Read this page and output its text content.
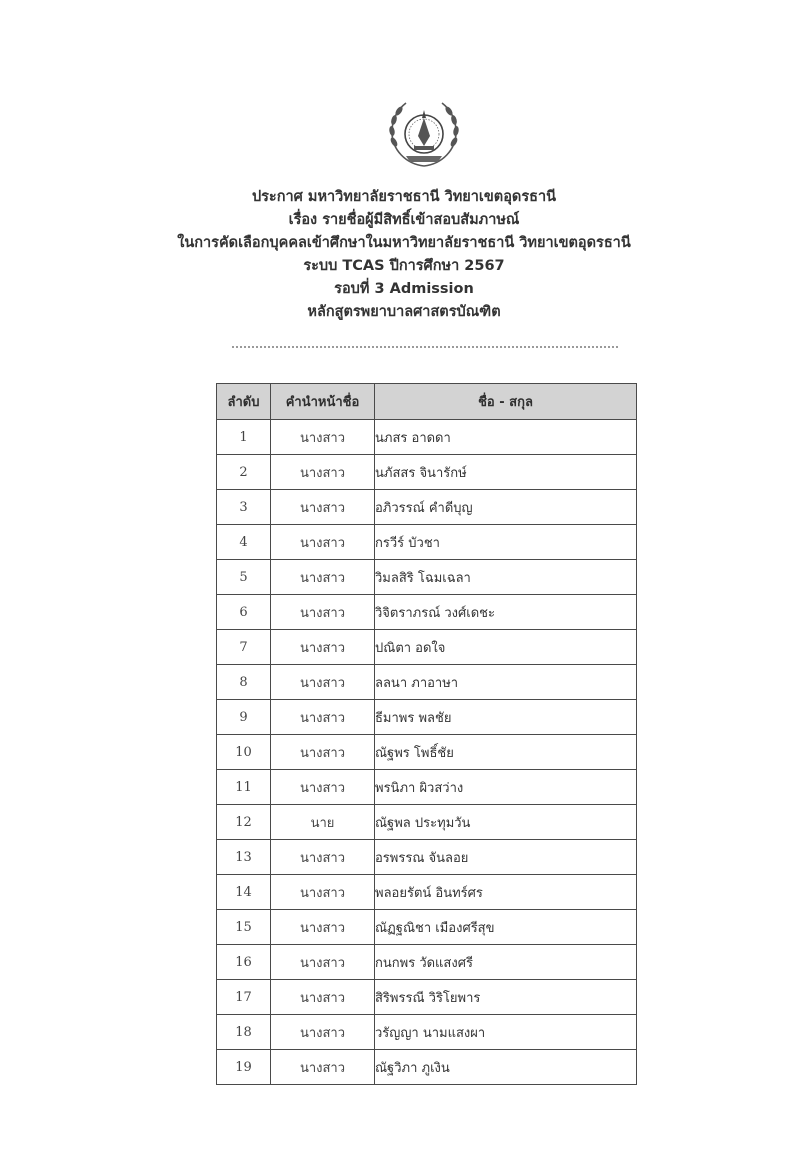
ประกาศ มหาวิทยาลัยราชธานี วิทยาเขตอุดรธานี
เรื่อง รายชื่อผู้มีสิทธิ์เข้าสอบสัมภาษณ์
ในการคัดเลือกบุคคลเข้าศึกษาในมหาวิทยาลัยราชธานี วิทยาเขตอุดรธานี
ระบบ TCAS ปีการศึกษา 2567
รอบที่ 3 Admission
หลักสูตรพยาบาลศาสตรบัณฑิต
ลำดับ	คำนำหน้าชื่อ	ชื่อ - สกุล
1	นางสาว	นภสร อาดดา
2	นางสาว	นภัสสร จินารักษ์
3	นางสาว	อภิวรรณ์ คำดีบุญ
4	นางสาว	กรวีร์ บัวชา
5	นางสาว	วิมลสิริ โฉมเฉลา
6	นางสาว	วิจิตราภรณ์ วงศ์เดชะ
7	นางสาว	ปณิตา อดใจ
8	นางสาว	ลลนา ภาอาษา
9	นางสาว	ธีมาพร พลชัย
10	นางสาว	ณัฐพร โพธิ์ชัย
11	นางสาว	พรนิภา ผิวสว่าง
12	นาย	ณัฐพล ประทุมวัน
13	นางสาว	อรพรรณ จันลอย
14	นางสาว	พลอยรัตน์ อินทร์ศร
15	นางสาว	ณัฏฐณิชา เมืองศรีสุข
16	นางสาว	กนกพร วัดแสงศรี
17	นางสาว	สิริพรรณี วิริโยพาร
18	นางสาว	วรัญญา นามแสงผา
19	นางสาว	ณัฐวิภา ภูเงิน
